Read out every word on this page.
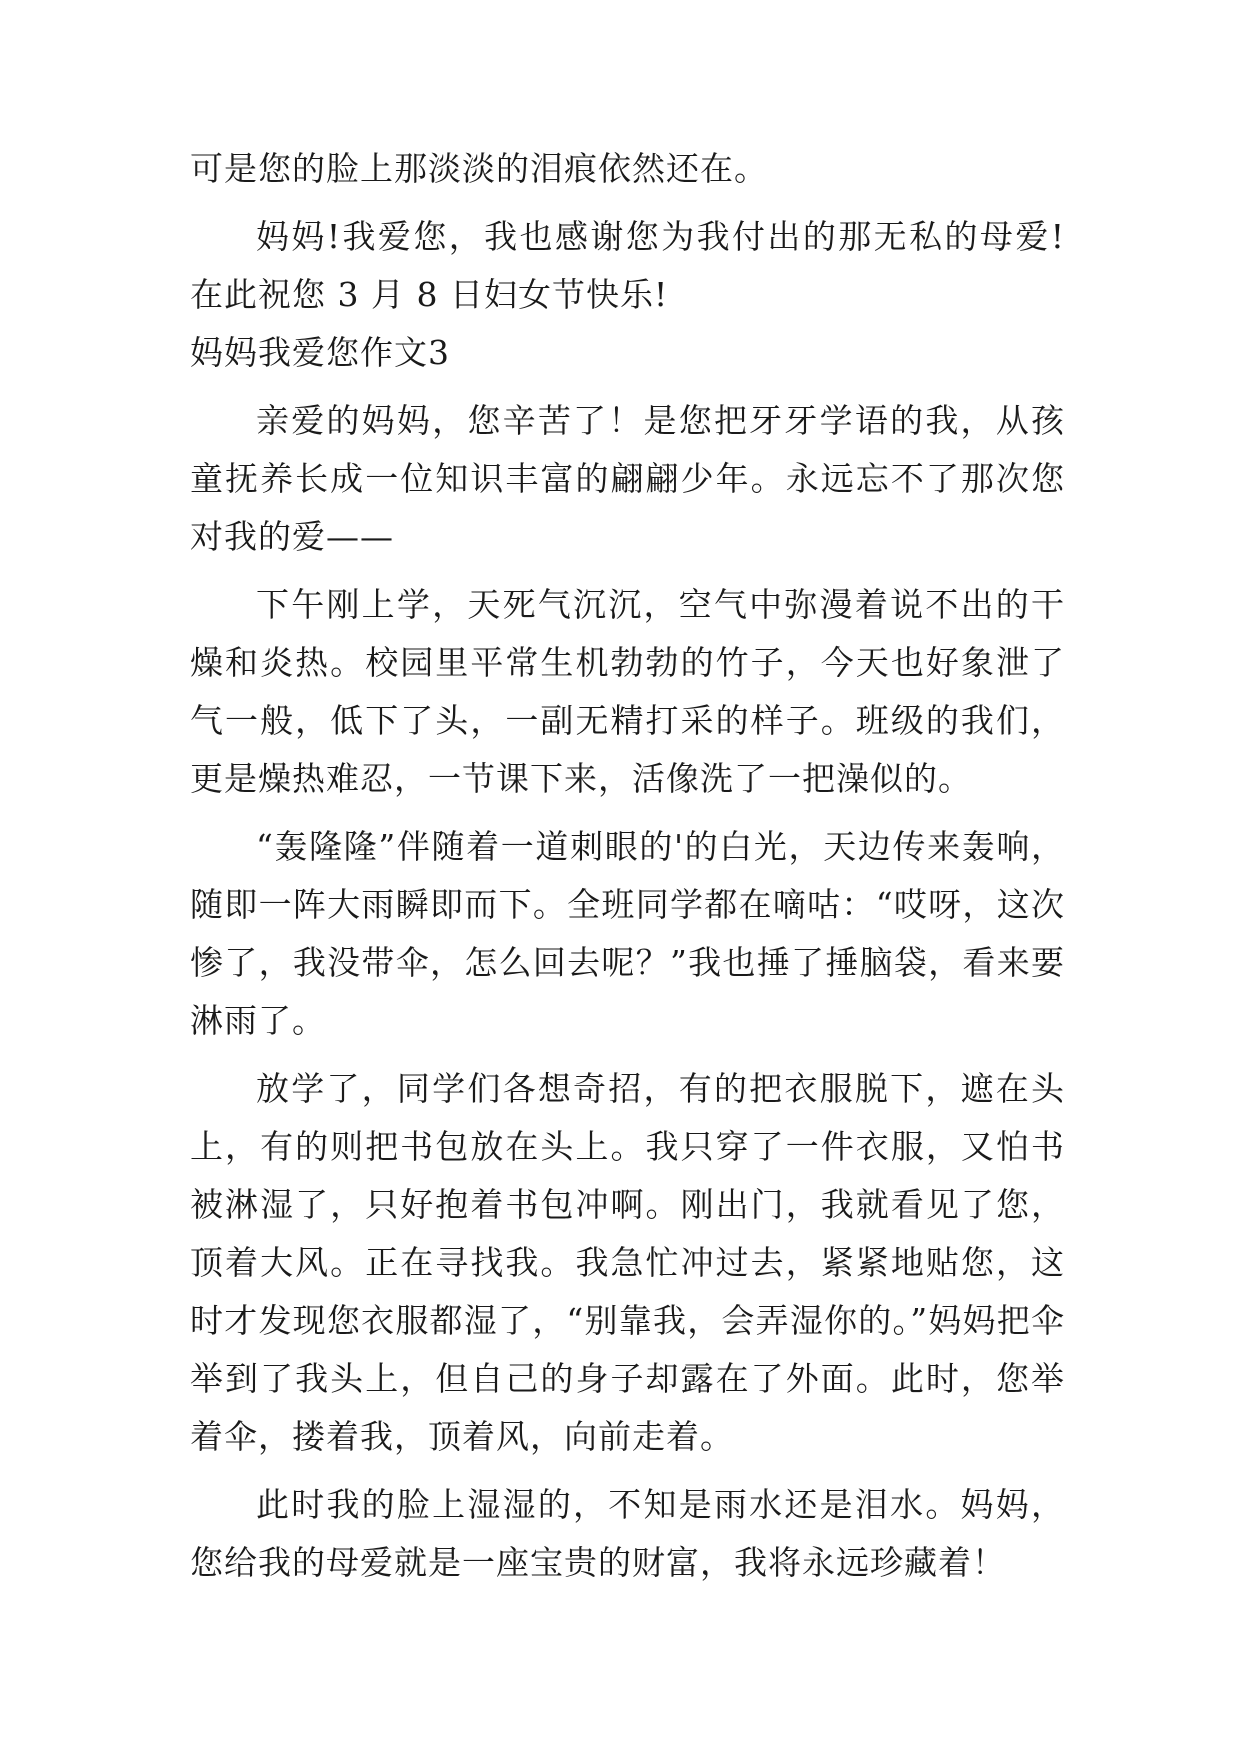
可是您的脸上那淡淡的泪痕依然还在。

妈妈!我爱您，我也感谢您为我付出的那无私的母爱!在此祝您 3 月 8 日妇女节快乐!

妈妈我爱您作文3

亲爱的妈妈，您辛苦了！是您把牙牙学语的我，从孩童抚养长成一位知识丰富的翩翩少年。永远忘不了那次您对我的爱——

下午刚上学，天死气沉沉，空气中弥漫着说不出的干燥和炎热。校园里平常生机勃勃的竹子，今天也好象泄了气一般，低下了头，一副无精打采的样子。班级的我们，更是燥热难忍，一节课下来，活像洗了一把澡似的。

“轰隆隆”伴随着一道刺眼的'的白光，天边传来轰响，随即一阵大雨瞬即而下。全班同学都在嘀咕：“哎呀，这次惨了，我没带伞，怎么回去呢？”我也捶了捶脑袋，看来要淋雨了。

放学了，同学们各想奇招，有的把衣服脱下，遮在头上，有的则把书包放在头上。我只穿了一件衣服，又怕书被淋湿了，只好抱着书包冲啊。刚出门，我就看见了您，顶着大风。正在寻找我。我急忙冲过去，紧紧地贴您，这时才发现您衣服都湿了，“别靠我，会弄湿你的。”妈妈把伞举到了我头上，但自己的身子却露在了外面。此时，您举着伞，搂着我，顶着风，向前走着。

此时我的脸上湿湿的，不知是雨水还是泪水。妈妈，您给我的母爱就是一座宝贵的财富，我将永远珍藏着！
